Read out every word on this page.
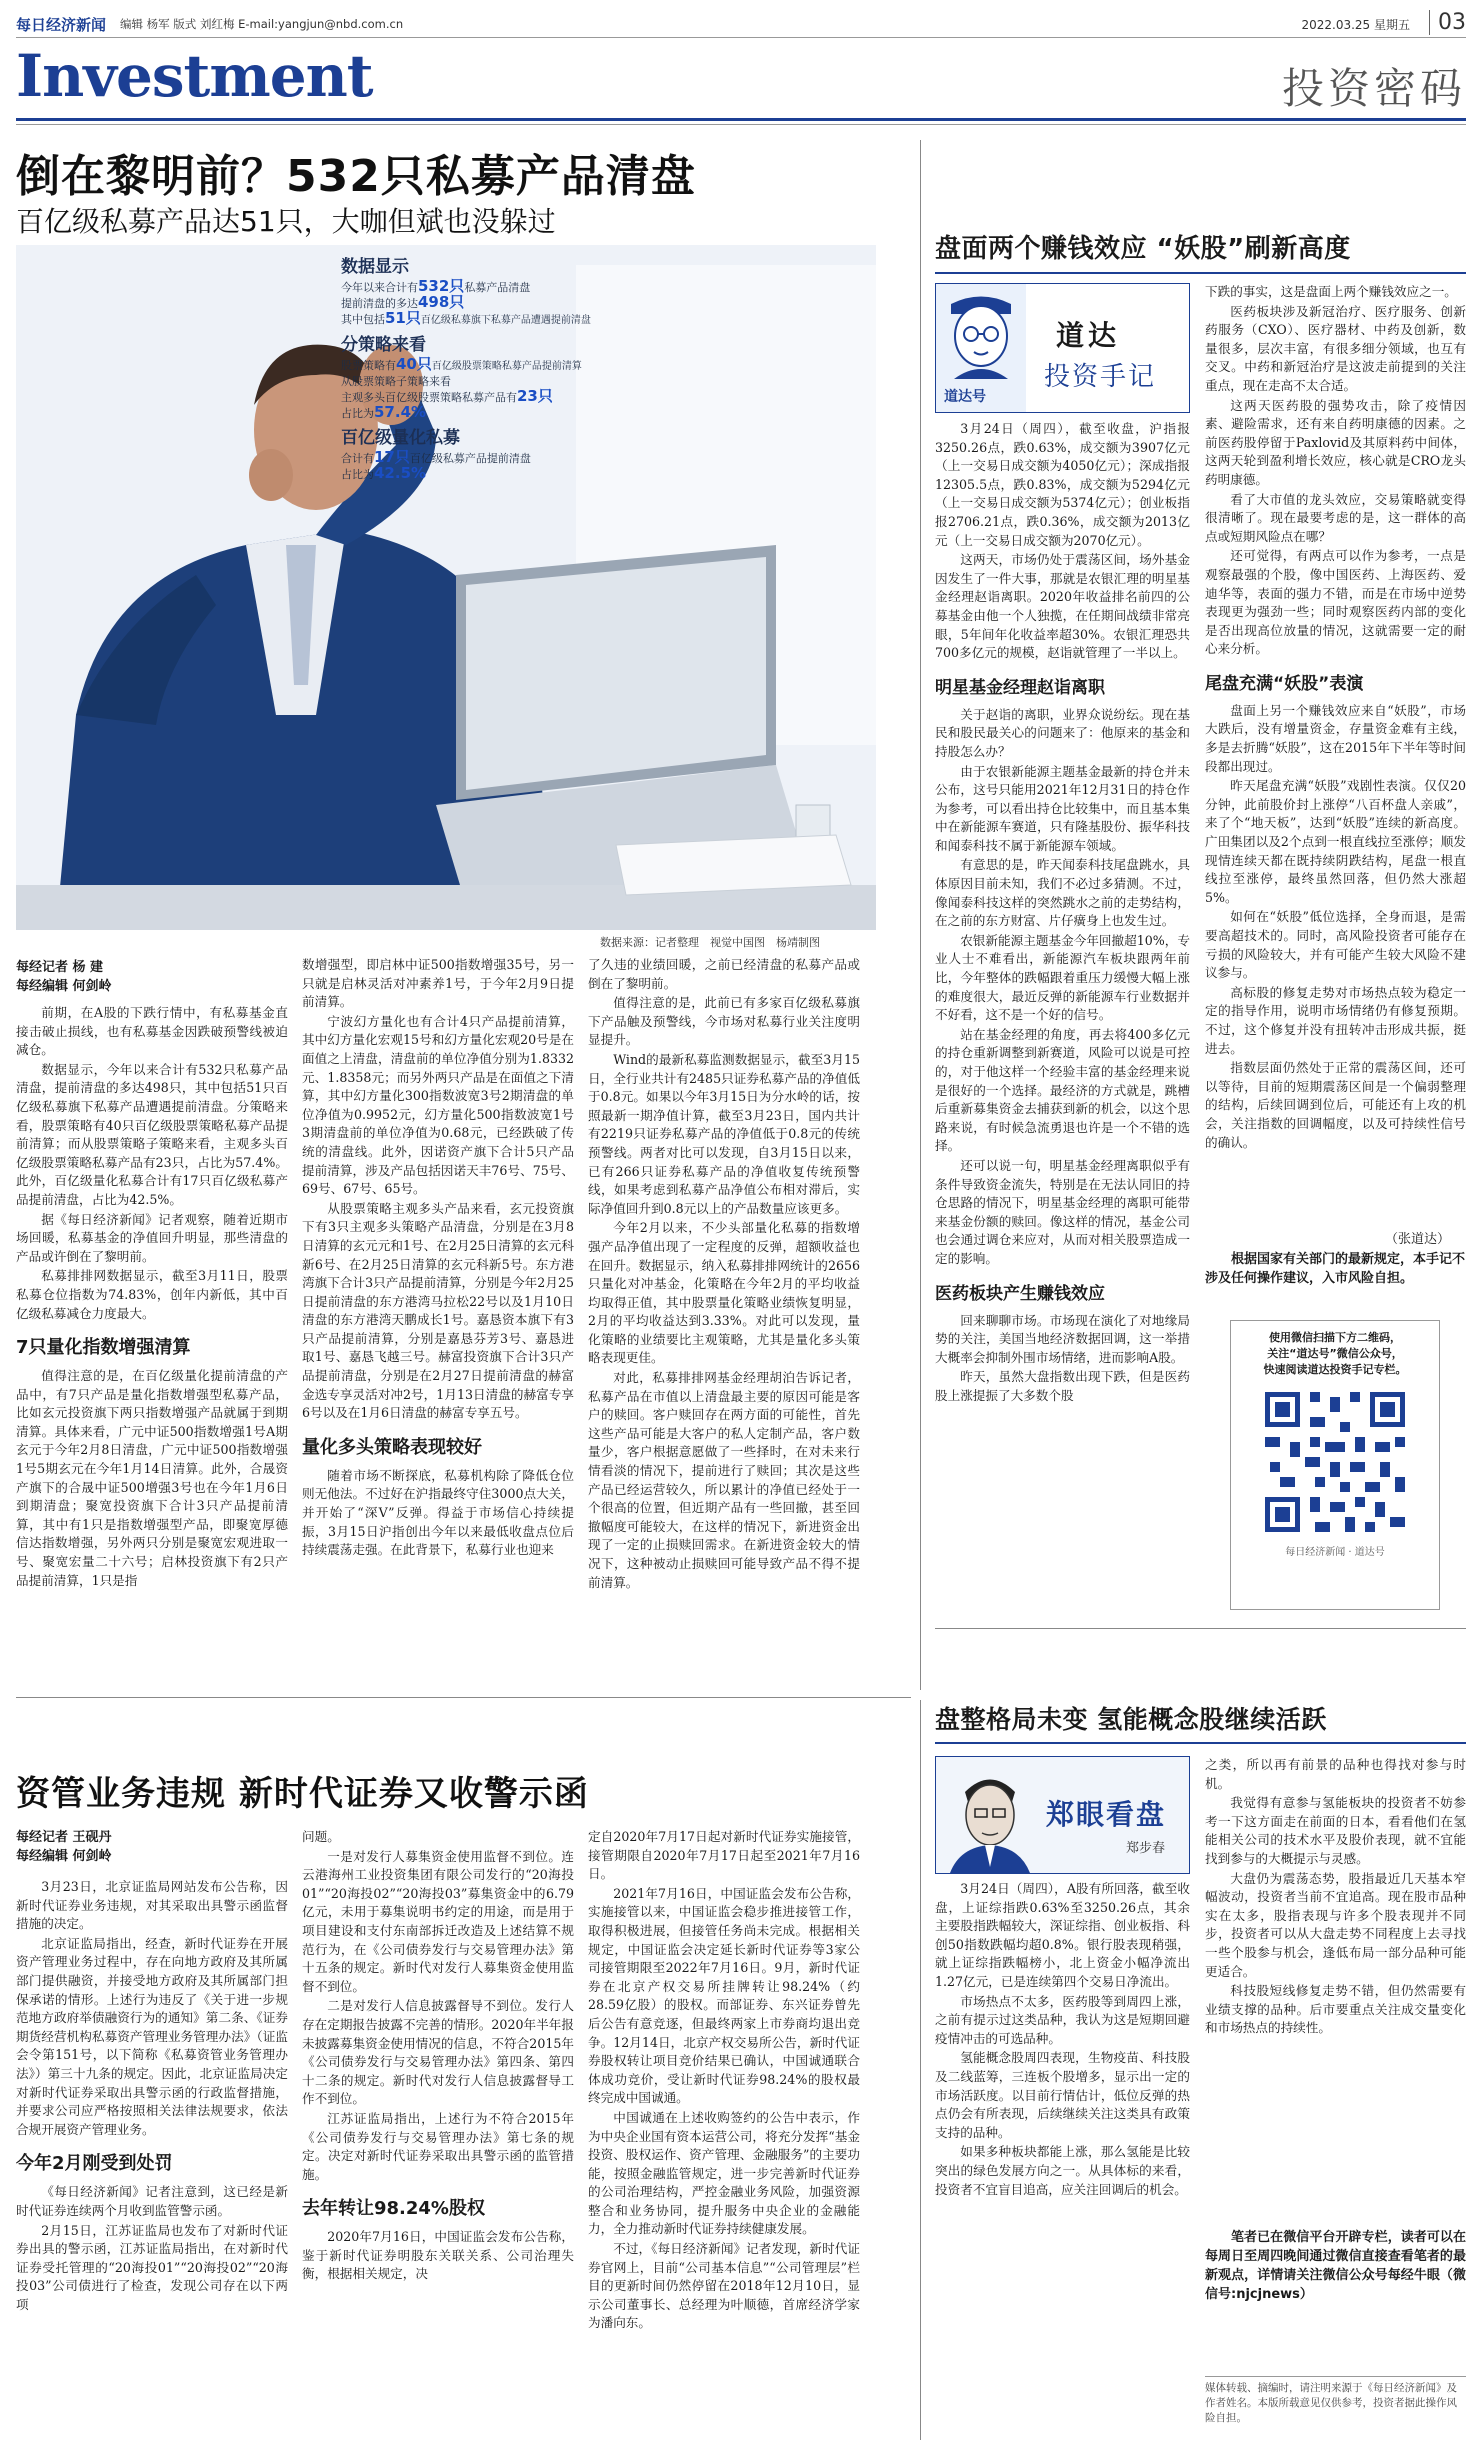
每日经济新闻 编辑 杨军 版式 刘红梅 E-mail:yangjun@nbd.com.cn	2022.03.25 星期五	03
Investment	投资密码
倒在黎明前？532只私募产品清盘
百亿级私募产品达51只，大咖但斌也没躲过
数据显示
今年以来合计有532只私募产品清盘
提前清盘的多达498只
其中包括51只百亿级私募旗下私募产品遭遇提前清盘
分策略来看
股票策略有40只百亿级股票策略私募产品提前清算
从股票策略子策略来看
主观多头百亿级股票策略私募产品有23只
占比为57.4%
百亿级量化私募
合计有17只百亿级私募产品提前清盘
占比为42.5%
数据来源：记者整理　视觉中国图　杨靖制图
每经记者 杨 建
每经编辑 何剑岭

前期，在A股的下跌行情中，有私募基金直接击破止损线，也有私募基金因跌破预警线被迫减仓。

数据显示，今年以来合计有532只私募产品清盘，提前清盘的多达498只，其中包括51只百亿级私募旗下私募产品遭遇提前清盘。分策略来看，股票策略有40只百亿级股票策略私募产品提前清算；而从股票策略子策略来看，主观多头百亿级股票策略私募产品有23只，占比为57.4%。此外，百亿级量化私募合计有17只百亿级私募产品提前清盘，占比为42.5%。

据《每日经济新闻》记者观察，随着近期市场回暖，私募基金的净值回升明显，那些清盘的产品或许倒在了黎明前。

私募排排网数据显示，截至3月11日，股票私募仓位指数为74.83%，创年内新低，其中百亿级私募减仓力度最大。

7只量化指数增强清算

值得注意的是，在百亿级量化提前清盘的产品中，有7只产品是量化指数增强型私募产品，比如玄元投资旗下两只指数增强产品就属于到期清算。具体来看，广元中证500指数增强1号A期玄元于今年2月8日清盘，广元中证500指数增强1号5期玄元在今年1月14日清算。此外，合晟资产旗下的合晟中证500增强3号也在今年1月6日到期清盘；聚宽投资旗下合计3只产品提前清算，其中有1只是指数增强型产品，即聚宽厚德信达指数增强，另外两只分别是聚宽宏观进取一号、聚宽宏量二十六号；启林投资旗下有2只产品提前清算，1只是指

数增强型，即启林中证500指数增强35号，另一只就是启林灵活对冲素养1号，于今年2月9日提前清算。

宁波幻方量化也有合计4只产品提前清算，其中幻方量化宏观15号和幻方量化宏观20号是在面值之上清盘，清盘前的单位净值分别为1.8332元、1.8358元；而另外两只产品是在面值之下清算，其中幻方量化300指数波宽3号2期清盘的单位净值为0.9952元，幻方量化500指数波宽1号3期清盘前的单位净值为0.68元，已经跌破了传统的清盘线。此外，因诺资产旗下合计5只产品提前清算，涉及产品包括因诺天丰76号、75号、69号、67号、65号。

从股票策略主观多头产品来看，玄元投资旗下有3只主观多头策略产品清盘，分别是在3月8日清算的玄元元和1号、在2月25日清算的玄元科新6号、在2月25日清算的玄元科新5号。东方港湾旗下合计3只产品提前清算，分别是今年2月25日提前清盘的东方港湾马拉松22号以及1月10日清盘的东方港湾天鹏成长1号。嘉恳资本旗下有3只产品提前清算，分别是嘉恳芬芳3号、嘉恳进取1号、嘉恳飞越三号。赫富投资旗下合计3只产品提前清盘，分别是在2月27日提前清盘的赫富金选专享灵活对冲2号，1月13日清盘的赫富专享6号以及在1月6日清盘的赫富专享五号。

量化多头策略表现较好

随着市场不断探底，私募机构除了降低仓位则无他法。不过好在沪指最终守住3000点大关，并开始了“深V”反弹。得益于市场信心持续提振，3月15日沪指创出今年以来最低收盘点位后持续震荡走强。在此背景下，私募行业也迎来

了久违的业绩回暖，之前已经清盘的私募产品或倒在了黎明前。

值得注意的是，此前已有多家百亿级私募旗下产品触及预警线，今市场对私募行业关注度明显提升。

Wind的最新私募监测数据显示，截至3月15日，全行业共计有2485只证券私募产品的净值低于0.8元。如果以今年3月15日为分水岭的话，按照最新一期净值计算，截至3月23日，国内共计有2219只证券私募产品的净值低于0.8元的传统预警线。两者对比可以发现，自3月15日以来，已有266只证券私募产品的净值收复传统预警线，如果考虑到私募产品净值公布相对滞后，实际净值回升到0.8元以上的产品数量应该更多。

今年2月以来，不少头部量化私募的指数增强产品净值出现了一定程度的反弹，超额收益也在回升。数据显示，纳入私募排排网统计的2656只量化对冲基金，化策略在今年2月的平均收益均取得正值，其中股票量化策略业绩恢复明显，2月的平均收益达到3.33%。对此可以发现，量化策略的业绩要比主观策略，尤其是量化多头策略表现更佳。

对此，私募排排网基金经理胡泊告诉记者，私募产品在市值以上清盘最主要的原因可能是客户的赎回。客户赎回存在两方面的可能性，首先这些产品可能是大客户的私人定制产品，客户数量少，客户根据意愿做了一些择时，在对未来行情看淡的情况下，提前进行了赎回；其次是这些产品已经运营较久，所以累计的净值已经处于一个很高的位置，但近期产品有一些回撤，甚至回撤幅度可能较大，在这样的情况下，新进资金出现了一定的止损赎回需求。在新进资金较大的情况下，这种被动止损赎回可能导致产品不得不提前清算。

盘面两个赚钱效应 “妖股”刷新高度
道达号
道达
投资手记

3月24日（周四），截至收盘，沪指报3250.26点，跌0.63%，成交额为3907亿元（上一交易日成交额为4050亿元）；深成指报12305.5点，跌0.83%，成交额为5294亿元（上一交易日成交额为5374亿元）；创业板指报2706.21点，跌0.36%，成交额为2013亿元（上一交易日成交额为2070亿元）。

这两天，市场仍处于震荡区间，场外基金因发生了一件大事，那就是农银汇理的明星基金经理赵诣离职。2020年收益排名前四的公募基金由他一个人独揽，在任期间战绩非常亮眼，5年间年化收益率超30%。农银汇理恐共700多亿元的规模，赵诣就管理了一半以上。

明星基金经理赵诣离职

关于赵诣的离职，业界众说纷纭。现在基民和股民最关心的问题来了：他原来的基金和持股怎么办？

由于农银新能源主题基金最新的持仓并未公布，这号只能用2021年12月31日的持仓作为参考，可以看出持仓比较集中，而且基本集中在新能源车赛道，只有隆基股份、振华科技和闻泰科技不属于新能源车领域。

有意思的是，昨天闻泰科技尾盘跳水，具体原因目前未知，我们不必过多猜测。不过，像闻泰科技这样的突然跳水之前的走势结构，在之前的东方财富、片仔癀身上也发生过。

农银新能源主题基金今年回撤超10%，专业人士不难看出，新能源汽车板块跟两年前比，今年整体的跌幅跟着重压力缓慢大幅上涨的难度很大，最近反弹的新能源车行业数据并不好看，这不是一个好的信号。

站在基金经理的角度，再去将400多亿元的持仓重新调整到新赛道，风险可以说是可控的，对于他这样一个经验丰富的基金经理来说是很好的一个选择。最经济的方式就是，跳槽后重新募集资金去捕获到新的机会，以这个思路来说，有时候急流勇退也许是一个不错的选择。

还可以说一句，明星基金经理离职似乎有条件导致资金流失，特别是在无法认同旧的持仓思路的情况下，明星基金经理的离职可能带来基金份额的赎回。像这样的情况，基金公司也会通过调仓来应对，从而对相关股票造成一定的影响。

医药板块产生赚钱效应

回来聊聊市场。市场现在演化了对地缘局势的关注，美国当地经济数据回调，这一举措大概率会抑制外围市场情绪，进而影响A股。

昨天，虽然大盘指数出现下跌，但是医药股上涨提振了大多数个股

下跌的事实，这是盘面上两个赚钱效应之一。

医药板块涉及新冠治疗、医疗服务、创新药服务（CXO）、医疗器材、中药及创新，数量很多，层次丰富，有很多细分领域，也互有交叉。中药和新冠治疗是这波走前提到的关注重点，现在走高不太合适。

这两天医药股的强势攻击，除了疫情因素、避险需求，还有来自药明康德的因素。之前医药股停留于Paxlovid及其原料药中间体，这两天轮到盈利增长效应，核心就是CRO龙头药明康德。

看了大市值的龙头效应，交易策略就变得很清晰了。现在最要考虑的是，这一群体的高点或短期风险点在哪？

还可觉得，有两点可以作为参考，一点是观察最强的个股，像中国医药、上海医药、爱迪华等，表面的强力不错，而是在市场中逆势表现更为强劲一些；同时观察医药内部的变化是否出现高位放量的情况，这就需要一定的耐心来分析。

尾盘充满“妖股”表演

盘面上另一个赚钱效应来自“妖股”，市场大跌后，没有增量资金，存量资金难有主线，多是去折腾“妖股”，这在2015年下半年等时间段都出现过。

昨天尾盘充满“妖股”戏剧性表演。仅仅20分钟，此前股价封上涨停“八百杯盘人亲戚”，来了个“地天板”，达到“妖股”连续的新高度。广田集团以及2个点到一根直线拉至涨停；顺发现情连续天都在既持续阴跌结构，尾盘一根直线拉至涨停，最终虽然回落，但仍然大涨超5%。

如何在“妖股”低位选择，全身而退，是需要高超技术的。同时，高风险投资者可能存在亏损的风险较大，并有可能产生较大风险不建议参与。

高标股的修复走势对市场热点较为稳定一定的指导作用，说明市场情绪仍有修复预期。不过，这个修复并没有扭转冲击形成共振，挺进去。

指数层面仍然处于正常的震荡区间，还可以等待，目前的短期震荡区间是一个偏弱整理的结构，后续回调到位后，可能还有上攻的机会，关注指数的回调幅度，以及可持续性信号的确认。

（张道达）
根据国家有关部门的最新规定，本手记不涉及任何操作建议，入市风险自担。
使用微信扫描下方二维码，
关注“道达号”微信公众号，
快速阅读道达投资手记专栏。
每日经济新闻 · 道达号
资管业务违规 新时代证券又收警示函
每经记者 王砚丹
每经编辑 何剑岭

3月23日，北京证监局网站发布公告称，因新时代证券业务违规，对其采取出具警示函监督措施的决定。

北京证监局指出，经查，新时代证券在开展资产管理业务过程中，存在向地方政府及其所属部门提供融资，并接受地方政府及其所属部门担保承诺的情形。上述行为违反了《关于进一步规范地方政府举债融资行为的通知》第二条、《证券期货经营机构私募资产管理业务管理办法》（证监会令第151号，以下简称《私募资管业务管理办法》）第三十九条的规定。因此，北京证监局决定对新时代证券采取出具警示函的行政监督措施，并要求公司应严格按照相关法律法规要求，依法合规开展资产管理业务。

今年2月刚受到处罚

《每日经济新闻》记者注意到，这已经是新时代证券连续两个月收到监管警示函。

2月15日，江苏证监局也发布了对新时代证券出具的警示函，江苏证监局指出，在对新时代证券受托管理的“20海投01”“20海投02”“20海投03”公司债进行了检查，发现公司存在以下两项

问题。

一是对发行人募集资金使用监督不到位。连云港海州工业投资集团有限公司发行的“20海投01”“20海投02”“20海投03”募集资金中的6.79亿元，未用于募集说明书约定的用途，而是用于项目建设和支付东南部拆迁改造及上述结算不规范行为，在《公司债券发行与交易管理办法》第十五条的规定。新时代对发行人募集资金使用监督不到位。

二是对发行人信息披露督导不到位。发行人存在定期报告披露不完善的情形。2020年半年报未披露募集资金使用情况的信息，不符合2015年《公司债券发行与交易管理办法》第四条、第四十二条的规定。新时代对发行人信息披露督导工作不到位。

江苏证监局指出，上述行为不符合2015年《公司债券发行与交易管理办法》第七条的规定。决定对新时代证券采取出具警示函的监管措施。

去年转让98.24%股权

2020年7月16日，中国证监会发布公告称，鉴于新时代证券明股东关联关系、公司治理失衡，根据相关规定，决

定自2020年7月17日起对新时代证券实施接管，接管期限自2020年7月17日起至2021年7月16日。

2021年7月16日，中国证监会发布公告称，实施接管以来，中国证监会稳步推进接管工作，取得积极进展，但接管任务尚未完成。根据相关规定，中国证监会决定延长新时代证券等3家公司接管期限至2022年7月16日。9月，新时代证券在北京产权交易所挂牌转让98.24%（约28.59亿股）的股权。而部证券、东兴证券曾先后公告有意竞逐，但最终两家上市券商均退出竞争。12月14日，北京产权交易所公告，新时代证券股权转让项目竞价结果已确认，中国诚通联合体成功竞价，受让新时代证券98.24%的股权最终完成中国诚通。

中国诚通在上述收购签约的公告中表示，作为中央企业国有资本运营公司，将充分发挥“基金投资、股权运作、资产管理、金融服务”的主要功能，按照金融监管规定，进一步完善新时代证券的公司治理结构，严控金融业务风险，加强资源整合和业务协同，提升服务中央企业的金融能力，全力推动新时代证券持续健康发展。

不过，《每日经济新闻》记者发现，新时代证券官网上，目前“公司基本信息”“公司管理层”栏目的更新时间仍然停留在2018年12月10日，显示公司董事长、总经理为叶顺德，首席经济学家为潘向东。

盘整格局未变 氢能概念股继续活跃
郑眼看盘
郑步春

3月24日（周四），A股有所回落，截至收盘，上证综指跌0.63%至3250.26点，其余主要股指跌幅较大，深证综指、创业板指、科创50指数跌幅均超0.8%。银行股表现稍强，就上证综指跌幅榜小，北上资金小幅净流出1.27亿元，已是连续第四个交易日净流出。

市场热点不太多，医药股等到周四上涨，之前有提示过这类品种，我认为这是短期回避疫情冲击的可选品种。

氢能概念股周四表现，生物疫苗、科技股及二线蓝筹，三连板个股增多，显示出一定的市场活跃度。以目前行情估计，低位反弹的热点仍会有所表现，后续继续关注这类具有政策支持的品种。

如果多种板块都能上涨，那么氢能是比较突出的绿色发展方向之一。从具体标的来看，投资者不宜盲目追高，应关注回调后的机会。

之类，所以再有前景的品种也得找对参与时机。

我觉得有意参与氢能板块的投资者不妨参考一下这方面走在前面的日本，看看他们在氢能相关公司的技术水平及股价表现，就不宜能找到参与的大概提示与灵感。

大盘仍为震荡态势，股指最近几天基本窄幅波动，投资者当前不宜追高。现在股市品种实在太多，股指表现与许多个股表现并不同步，投资者可以从大盘走势不同程度上去寻找一些个股参与机会，逢低布局一部分品种可能更适合。

科技股短线修复走势不错，但仍然需要有业绩支撑的品种。后市要重点关注成交量变化和市场热点的持续性。

笔者已在微信平台开辟专栏，读者可以在每周日至周四晚间通过微信直接查看笔者的最新观点，详情请关注微信公众号每经牛眼（微信号:njcjnews）
媒体转载、摘编时，请注明来源于《每日经济新闻》及作者姓名。本版所载意见仅供参考，投资者据此操作风险自担。
